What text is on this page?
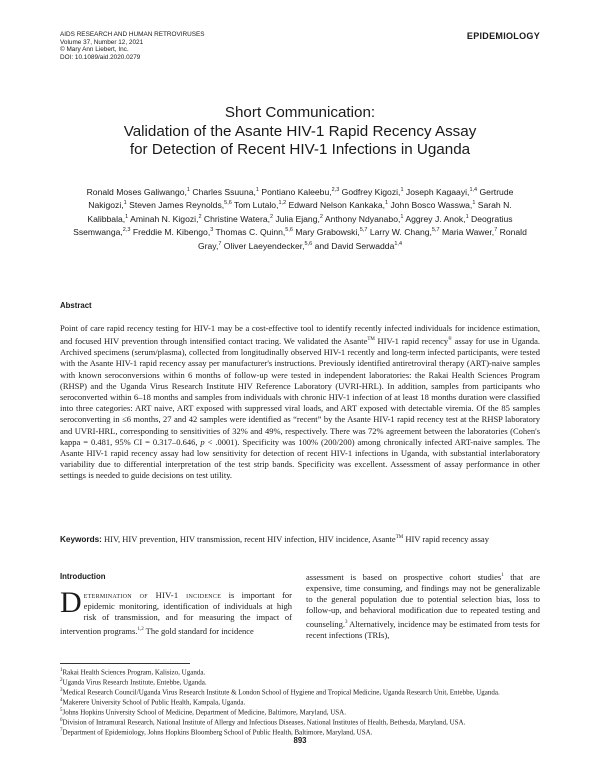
AIDS RESEARCH AND HUMAN RETROVIRUSES
Volume 37, Number 12, 2021
© Mary Ann Liebert, Inc.
DOI: 10.1089/aid.2020.0279
EPIDEMIOLOGY
Short Communication:
Validation of the Asante HIV-1 Rapid Recency Assay
for Detection of Recent HIV-1 Infections in Uganda
Ronald Moses Galiwango,$^1$ Charles Ssuuna,$^1$ Pontiano Kaleebu,$^{2,3}$ Godfrey Kigozi,$^1$ Joseph Kagaayi,$^{1,4}$ Gertrude Nakigozi,$^1$ Steven James Reynolds,$^{5,6}$ Tom Lutalo,$^{1,2}$ Edward Nelson Kankaka,$^1$ John Bosco Wasswa,$^1$ Sarah N. Kalibbala,$^1$ Aminah N. Kigozi,$^2$ Christine Watera,$^2$ Julia Ejang,$^2$ Anthony Ndyanabo,$^1$ Aggrey J. Anok,$^1$ Deogratius Ssemwanga,$^{2,3}$ Freddie M. Kibengo,$^3$ Thomas C. Quinn,$^{5,6}$ Mary Grabowski,$^{5,7}$ Larry W. Chang,$^{5,7}$ Maria Wawer,$^7$ Ronald Gray,$^7$ Oliver Laeyendecker,$^{5,6}$ and David Serwadda$^{1,4}$
Abstract
Point of care rapid recency testing for HIV-1 may be a cost-effective tool to identify recently infected individuals for incidence estimation, and focused HIV prevention through intensified contact tracing. We validated the Asante™ HIV-1 rapid recency® assay for use in Uganda. Archived specimens (serum/plasma), collected from longitudinally observed HIV-1 recently and long-term infected participants, were tested with the Asante HIV-1 rapid recency assay per manufacturer's instructions. Previously identified antiretroviral therapy (ART)-naive samples with known seroconversions within 6 months of follow-up were tested in independent laboratories: the Rakai Health Sciences Program (RHSP) and the Uganda Virus Research Institute HIV Reference Laboratory (UVRI-HRL). In addition, samples from participants who seroconverted within 6–18 months and samples from individuals with chronic HIV-1 infection of at least 18 months duration were classified into three categories: ART naive, ART exposed with suppressed viral loads, and ART exposed with detectable viremia. Of the 85 samples seroconverting in ≤6 months, 27 and 42 samples were identified as “recent” by the Asante HIV-1 rapid recency test at the RHSP laboratory and UVRI-HRL, corresponding to sensitivities of 32% and 49%, respectively. There was 72% agreement between the laboratories (Cohen's kappa = 0.481, 95% CI = 0.317–0.646, p < .0001). Specificity was 100% (200/200) among chronically infected ART-naive samples. The Asante HIV-1 rapid recency assay had low sensitivity for detection of recent HIV-1 infections in Uganda, with substantial interlaboratory variability due to differential interpretation of the test strip bands. Specificity was excellent. Assessment of assay performance in other settings is needed to guide decisions on test utility.
Keywords: HIV, HIV prevention, HIV transmission, recent HIV infection, HIV incidence, Asante™ HIV rapid recency assay
Introduction
Determination of HIV-1 incidence is important for epidemic monitoring, identification of individuals at high risk of transmission, and for measuring the impact of intervention programs.$^{1,2}$ The gold standard for incidence
assessment is based on prospective cohort studies$^1$ that are expensive, time consuming, and findings may not be generalizable to the general population due to potential selection bias, loss to follow-up, and behavioral modification due to repeated testing and counseling.$^3$ Alternatively, incidence may be estimated from tests for recent infections (TRIs),
$^1$Rakai Health Sciences Program, Kalisizo, Uganda.
$^2$Uganda Virus Research Institute, Entebbe, Uganda.
$^3$Medical Research Council/Uganda Virus Research Institute & London School of Hygiene and Tropical Medicine, Uganda Research Unit, Entebbe, Uganda.
$^4$Makerere University School of Public Health, Kampala, Uganda.
$^5$Johns Hopkins University School of Medicine, Department of Medicine, Baltimore, Maryland, USA.
$^6$Division of Intramural Research, National Institute of Allergy and Infectious Diseases, National Institutes of Health, Bethesda, Maryland, USA.
$^7$Department of Epidemiology, Johns Hopkins Bloomberg School of Public Health, Baltimore, Maryland, USA.
893
